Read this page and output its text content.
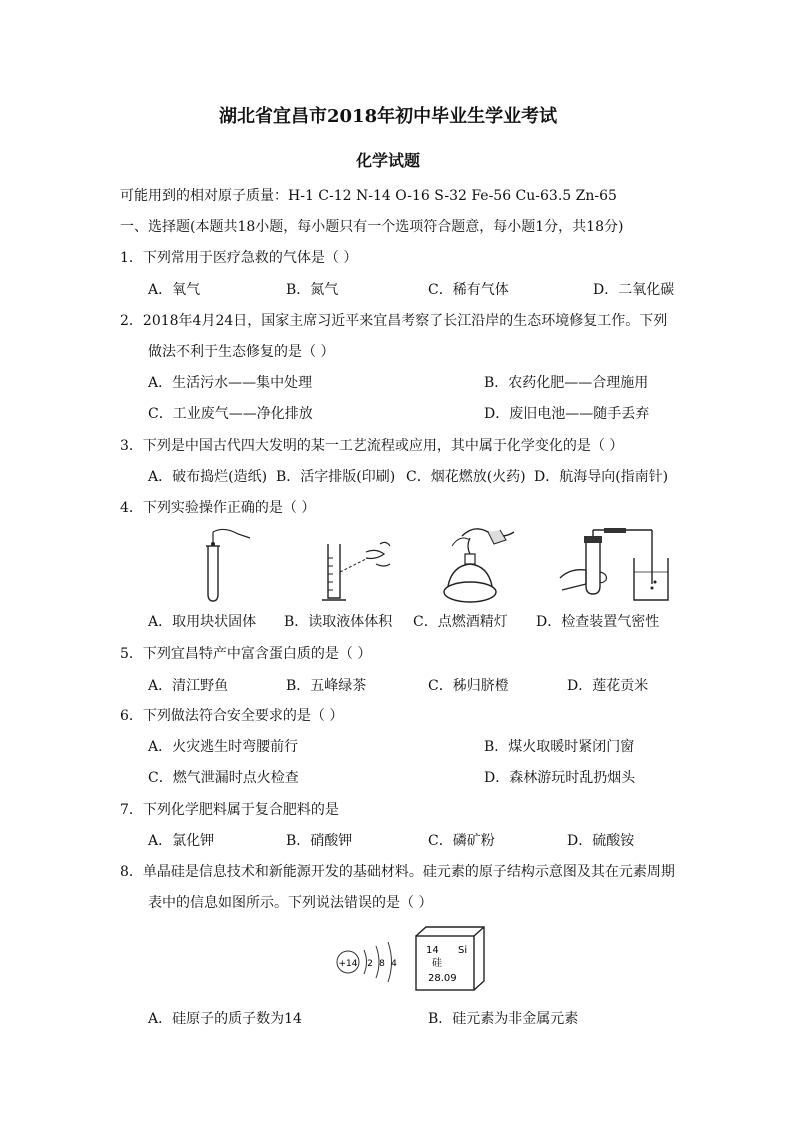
湖北省宜昌市2018年初中毕业生学业考试
化学试题
可能用到的相对原子质量：H-1 C-12 N-14 O-16 S-32 Fe-56 Cu-63.5 Zn-65
一、选择题(本题共18小题，每小题只有一个选项符合题意，每小题1分，共18分)
1．下列常用于医疗急救的气体是（ ）
A．氧气	B．氮气	C．稀有气体	D．二氧化碳
2．2018年4月24日，国家主席习近平来宜昌考察了长江沿岸的生态环境修复工作。下列
做法不利于生态修复的是（ ）
A．生活污水——集中处理	B．农药化肥——合理施用
C．工业废气——净化排放	D．废旧电池——随手丢弃
3．下列是中国古代四大发明的某一工艺流程或应用，其中属于化学变化的是（ ）
A．破布捣烂(造纸) B．活字排版(印刷) C．烟花燃放(火药) D．航海导向(指南针)
4．下列实验操作正确的是（ ）
A．取用块状固体 B．读取液体体积 C．点燃酒精灯 D．检查装置气密性
5．下列宜昌特产中富含蛋白质的是（ ）
A．清江野鱼	B．五峰绿茶	C．秭归脐橙	D．莲花贡米
6．下列做法符合安全要求的是（ ）
A．火灾逃生时弯腰前行	B．煤火取暖时紧闭门窗
C．燃气泄漏时点火检查	D．森林游玩时乱扔烟头
7．下列化学肥料属于复合肥料的是
A．氯化钾	B．硝酸钾	C．磷矿粉	D．硫酸铵
8．单晶硅是信息技术和新能源开发的基础材料。硅元素的原子结构示意图及其在元素周期
表中的信息如图所示。下列说法错误的是（ ）
+14 2 8 4
14 Si
硅
28.09
A．硅原子的质子数为14	B．硅元素为非金属元素
